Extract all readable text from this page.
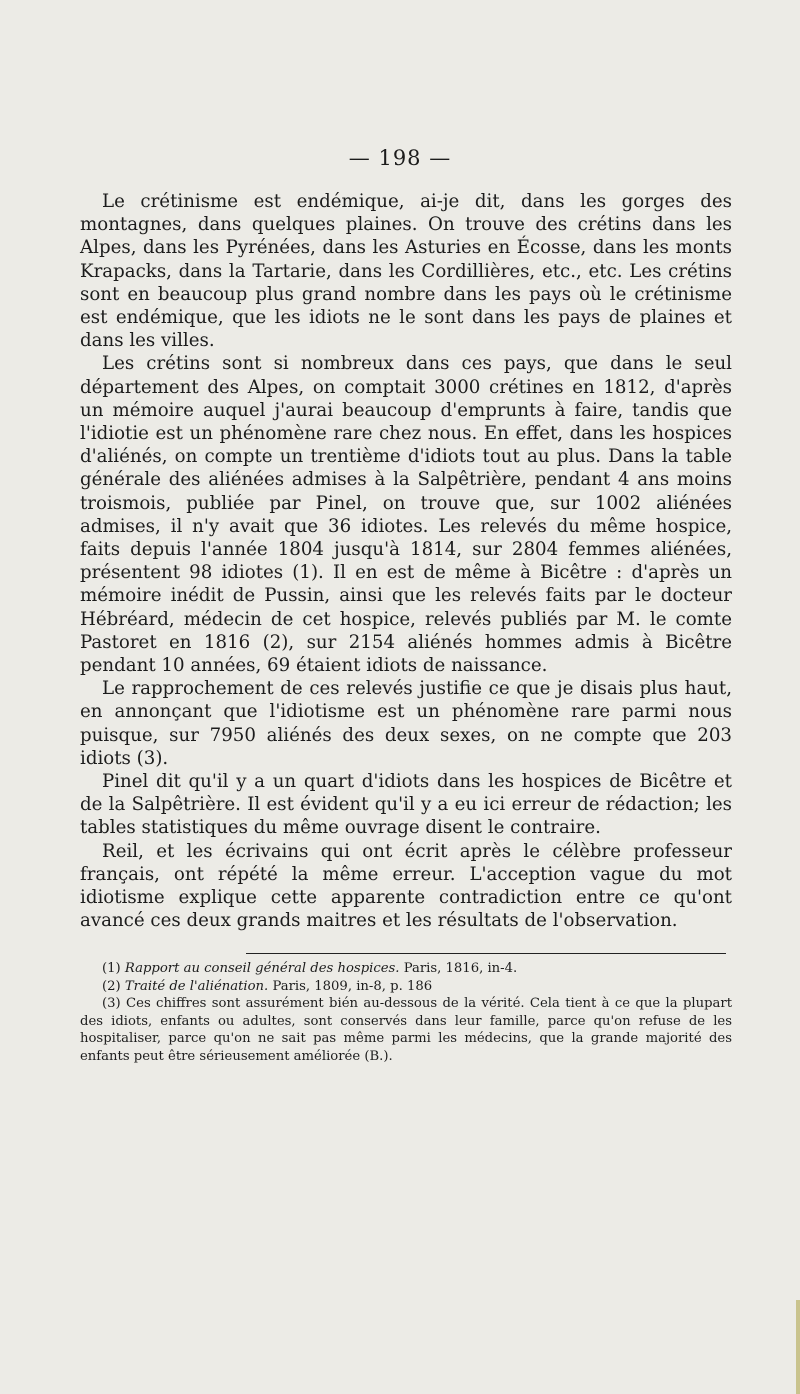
— 198 —

Le crétinisme est endémique, ai-je dit, dans les gorges des montagnes, dans quelques plaines. On trouve des crétins dans les Alpes, dans les Pyrénées, dans les Asturies en Écosse, dans les monts Krapacks, dans la Tartarie, dans les Cordillières, etc., etc. Les crétins sont en beaucoup plus grand nombre dans les pays où le crétinisme est endémique, que les idiots ne le sont dans les pays de plaines et dans les villes.

Les crétins sont si nombreux dans ces pays, que dans le seul département des Alpes, on comptait 3000 crétines en 1812, d'après un mémoire auquel j'aurai beaucoup d'emprunts à faire, tandis que l'idiotie est un phénomène rare chez nous. En effet, dans les hospices d'aliénés, on compte un trentième d'idiots tout au plus. Dans la table générale des aliénées admises à la Salpêtrière, pendant 4 ans moins troismois, publiée par Pinel, on trouve que, sur 1002 aliénées admises, il n'y avait que 36 idiotes. Les relevés du même hospice, faits depuis l'année 1804 jusqu'à 1814, sur 2804 femmes aliénées, présentent 98 idiotes (1). Il en est de même à Bicêtre : d'après un mémoire inédit de Pussin, ainsi que les relevés faits par le docteur Hébréard, médecin de cet hospice, relevés publiés par M. le comte Pastoret en 1816 (2), sur 2154 aliénés hommes admis à Bicêtre pendant 10 années, 69 étaient idiots de naissance.

Le rapprochement de ces relevés justifie ce que je disais plus haut, en annonçant que l'idiotisme est un phénomène rare parmi nous puisque, sur 7950 aliénés des deux sexes, on ne compte que 203 idiots (3).

Pinel dit qu'il y a un quart d'idiots dans les hospices de Bicêtre et de la Salpêtrière. Il est évident qu'il y a eu ici erreur de rédaction; les tables statistiques du même ouvrage disent le contraire.

Reil, et les écrivains qui ont écrit après le célèbre professeur français, ont répété la même erreur. L'acception vague du mot idiotisme explique cette apparente contradiction entre ce qu'ont avancé ces deux grands maitres et les résultats de l'observation.

(1) Rapport au conseil général des hospices. Paris, 1816, in-4.

(2) Traité de l'aliénation. Paris, 1809, in-8, p. 186

(3) Ces chiffres sont assurément bién au-dessous de la vérité. Cela tient à ce que la plupart des idiots, enfants ou adultes, sont conservés dans leur famille, parce qu'on refuse de les hospitaliser, parce qu'on ne sait pas même parmi les médecins, que la grande majorité des enfants peut être sérieusement améliorée (B.).
